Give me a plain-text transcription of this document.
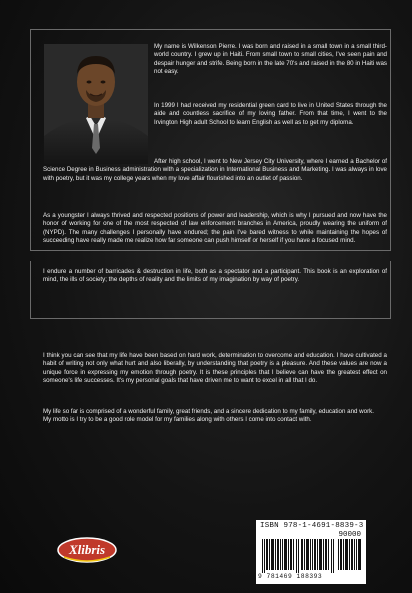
My name is Wilkenson Pierre. I was born and raised in a small town in a small third-world country. I grew up in Haiti. From small town to small cities, I've seen pain and despair hunger and strife. Being born in the late 70's and raised in the 80 in Haiti was not easy.

In 1999 I had received my residential green card to live in United States through the aide and countless sacrifice of my loving father. From that time, I went to the Irvington High adult School to learn English as well as to get my diploma.

After high school, I went to New Jersey City University, where I earned a Bachelor of Science Degree in Business administration with a specialization in International Business and Marketing. I was always in love with poetry, but it was my college years when my love affair flourished into an outlet of passion.

As a youngster I always thrived and respected positions of power and leadership, which is why I pursued and now have the honor of working for one of the most respected of law enforcement branches in America, proudly wearing the uniform of (NYPD). The many challenges I personally have endured; the pain I've bared witness to while maintaining the hopes of succeeding have really made me realize how far someone can push himself or herself if you have a focused mind.

I endure a number of barricades & destruction in life, both as a spectator and a participant. This book is an exploration of mind, the ills of society; the depths of reality and the limits of my imagination by way of poetry.

I think you can see that my life have been based on hard work, determination to overcome and education. I have cultivated a habit of writing not only what hurt and also liberally, by understanding that poetry is a pleasure. And these values are now a unique force in expressing my emotion through poetry. It is these principles that I believe can have the greatest effect on someone's life successes. It's my personal goals that have driven me to want to excel in all that I do.

My life so far is comprised of a wonderful family, great friends, and a sincere dedication to my family, education and work.
My motto is I try to be a good role model for my families along with others I come into contact with.

Xlibris
ISBN 978-1-4691-8839-3
90000
9 781469 188393
